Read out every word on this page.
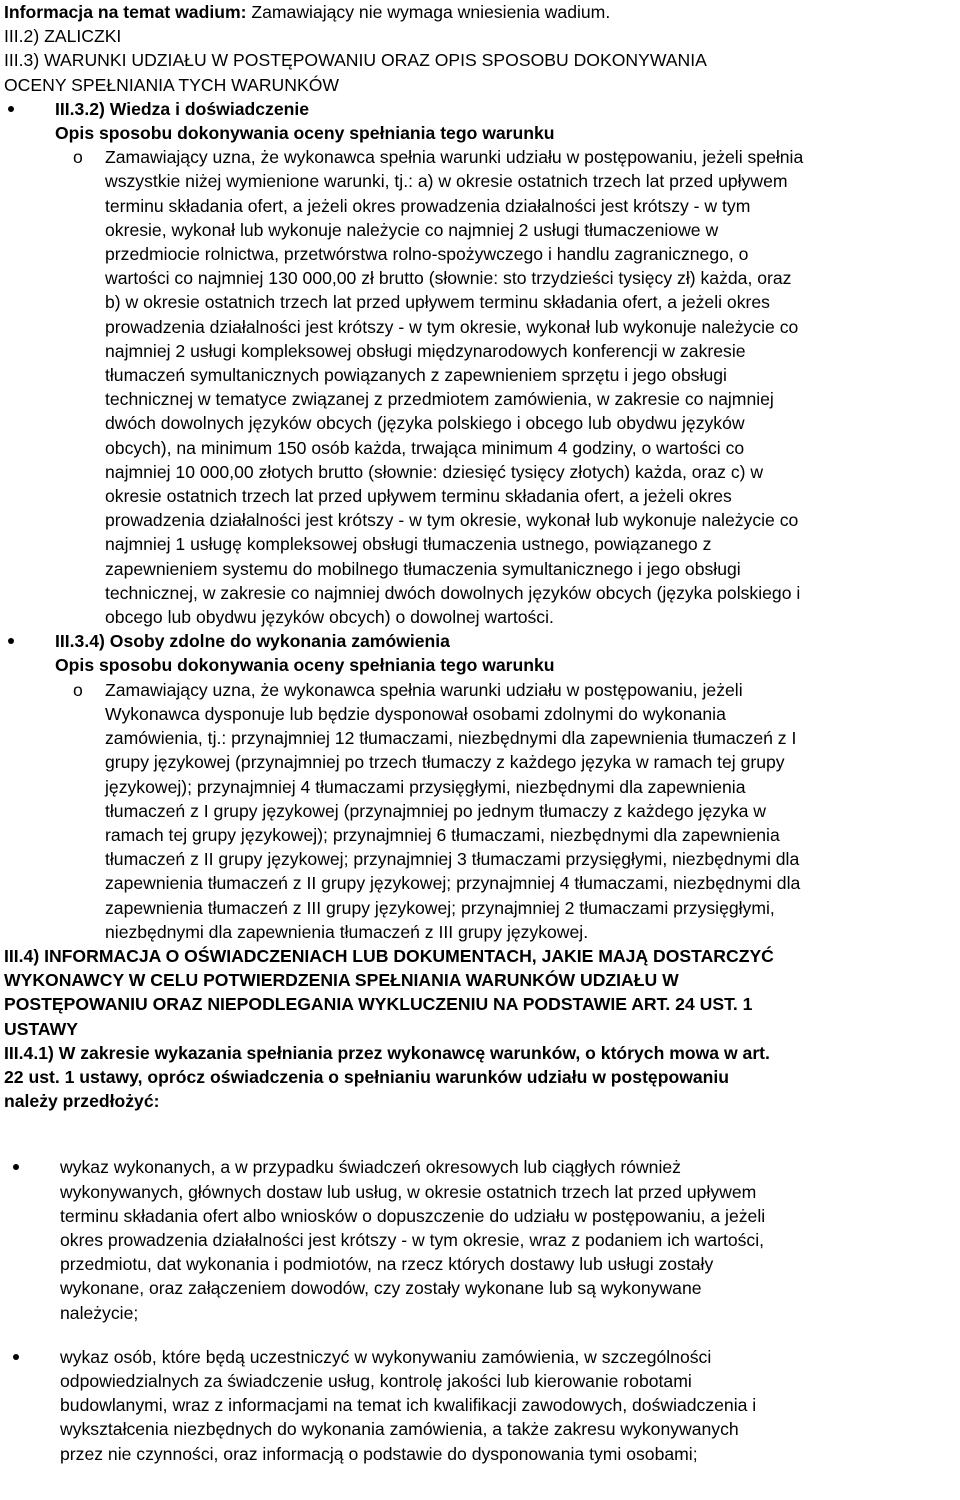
Informacja na temat wadium: Zamawiający nie wymaga wniesienia wadium.
III.2) ZALICZKI
III.3) WARUNKI UDZIAŁU W POSTĘPOWANIU ORAZ OPIS SPOSOBU DOKONYWANIA
OCENY SPEŁNIANIA TYCH WARUNKÓW
III.3.2) Wiedza i doświadczenie
Opis sposobu dokonywania oceny spełniania tego warunku
o Zamawiający uzna, że wykonawca spełnia warunki udziału w postępowaniu, jeżeli spełnia
wszystkie niżej wymienione warunki, tj.: a) w okresie ostatnich trzech lat przed upływem
terminu składania ofert, a jeżeli okres prowadzenia działalności jest krótszy - w tym
okresie, wykonał lub wykonuje należycie co najmniej 2 usługi tłumaczeniowe w
przedmiocie rolnictwa, przetwórstwa rolno-spożywczego i handlu zagranicznego, o
wartości co najmniej 130 000,00 zł brutto (słownie: sto trzydzieści tysięcy zł) każda, oraz
b) w okresie ostatnich trzech lat przed upływem terminu składania ofert, a jeżeli okres
prowadzenia działalności jest krótszy - w tym okresie, wykonał lub wykonuje należycie co
najmniej 2 usługi kompleksowej obsługi międzynarodowych konferencji w zakresie
tłumaczeń symultanicznych powiązanych z zapewnieniem sprzętu i jego obsługi
technicznej w tematyce związanej z przedmiotem zamówienia, w zakresie co najmniej
dwóch dowolnych języków obcych (języka polskiego i obcego lub obydwu języków
obcych), na minimum 150 osób każda, trwająca minimum 4 godziny, o wartości co
najmniej 10 000,00 złotych brutto (słownie: dziesięć tysięcy złotych) każda, oraz c) w
okresie ostatnich trzech lat przed upływem terminu składania ofert, a jeżeli okres
prowadzenia działalności jest krótszy - w tym okresie, wykonał lub wykonuje należycie co
najmniej 1 usługę kompleksowej obsługi tłumaczenia ustnego, powiązanego z
zapewnieniem systemu do mobilnego tłumaczenia symultanicznego i jego obsługi
technicznej, w zakresie co najmniej dwóch dowolnych języków obcych (języka polskiego i
obcego lub obydwu języków obcych) o dowolnej wartości.
III.3.4) Osoby zdolne do wykonania zamówienia
Opis sposobu dokonywania oceny spełniania tego warunku
o Zamawiający uzna, że wykonawca spełnia warunki udziału w postępowaniu, jeżeli
Wykonawca dysponuje lub będzie dysponował osobami zdolnymi do wykonania
zamówienia, tj.: przynajmniej 12 tłumaczami, niezbędnymi dla zapewnienia tłumaczeń z I
grupy językowej (przynajmniej po trzech tłumaczy z każdego języka w ramach tej grupy
językowej); przynajmniej 4 tłumaczami przysięgłymi, niezbędnymi dla zapewnienia
tłumaczeń z I grupy językowej (przynajmniej po jednym tłumaczy z każdego języka w
ramach tej grupy językowej); przynajmniej 6 tłumaczami, niezbędnymi dla zapewnienia
tłumaczeń z II grupy językowej; przynajmniej 3 tłumaczami przysięgłymi, niezbędnymi dla
zapewnienia tłumaczeń z II grupy językowej; przynajmniej 4 tłumaczami, niezbędnymi dla
zapewnienia tłumaczeń z III grupy językowej; przynajmniej 2 tłumaczami przysięgłymi,
niezbędnymi dla zapewnienia tłumaczeń z III grupy językowej.
III.4) INFORMACJA O OŚWIADCZENIACH LUB DOKUMENTACH, JAKIE MAJĄ DOSTARCZYĆ
WYKONAWCY W CELU POTWIERDZENIA SPEŁNIANIA WARUNKÓW UDZIAŁU W
POSTĘPOWANIU ORAZ NIEPODLEGANIA WYKLUCZENIU NA PODSTAWIE ART. 24 UST. 1
USTAWY
III.4.1) W zakresie wykazania spełniania przez wykonawcę warunków, o których mowa w art.
22 ust. 1 ustawy, oprócz oświadczenia o spełnianiu warunków udziału w postępowaniu
należy przedłożyć:
wykaz wykonanych, a w przypadku świadczeń okresowych lub ciągłych również
wykonywanych, głównych dostaw lub usług, w okresie ostatnich trzech lat przed upływem
terminu składania ofert albo wniosków o dopuszczenie do udziału w postępowaniu, a jeżeli
okres prowadzenia działalności jest krótszy - w tym okresie, wraz z podaniem ich wartości,
przedmiotu, dat wykonania i podmiotów, na rzecz których dostawy lub usługi zostały
wykonane, oraz załączeniem dowodów, czy zostały wykonane lub są wykonywane
należycie;
wykaz osób, które będą uczestniczyć w wykonywaniu zamówienia, w szczególności
odpowiedzialnych za świadczenie usług, kontrolę jakości lub kierowanie robotami
budowlanymi, wraz z informacjami na temat ich kwalifikacji zawodowych, doświadczenia i
wykształcenia niezbędnych do wykonania zamówienia, a także zakresu wykonywanych
przez nie czynności, oraz informacją o podstawie do dysponowania tymi osobami;
